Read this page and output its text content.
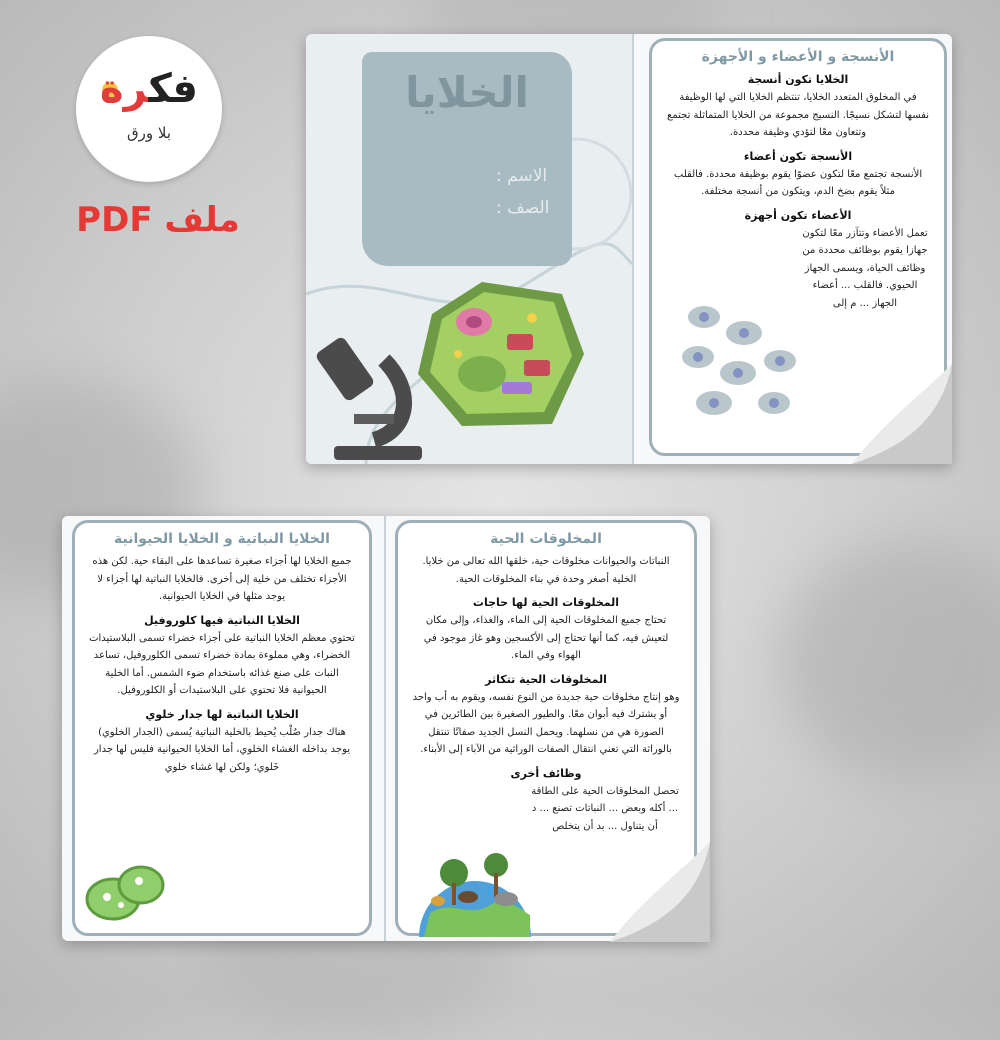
فكرة
بلا ورق
ملف PDF
الخلايا
الاسم :
الصف :
الأنسجة و الأعضاء و الأجهزة
الخلايا تكون أنسجة

في المخلوق المتعدد الخلايا، تنتظم الخلايا التي لها الوظيفة نفسها لتشكل نسيجًا. النسيج مجموعة من الخلايا المتماثلة تجتمع وتتعاون معًا لتؤدي وظيفة محددة.

الأنسجة تكون أعضاء

الأنسجة تجتمع معًا لتكون عضوًا يقوم بوظيفة محددة. فالقلب مثلاً يقوم بضخ الدم، ويتكون من أنسجة مختلفة.

الأعضاء تكون أجهزة

تعمل الأعضاء وتتآزر معًا لتكون جهازا يقوم بوظائف محددة من وظائف الحياة، ويسمى الجهاز الحيوي. فالقلب ... أعضاء الجهاز ... م إلى

الخلايا النباتية و الخلايا الحيوانية

جميع الخلايا لها أجزاء صغيرة تساعدها على البقاء حية. لكن هذه الأجزاء تختلف من خلية إلى أخرى. فالخلايا النباتية لها أجزاء لا يوجد مثلها في الخلايا الحيوانية.

الخلايا النباتية فيها كلوروفيل

تحتوي معظم الخلايا النباتية على أجزاء خضراء تسمى البلاستيدات الخضراء، وهي مملوءة بمادة خضراء تسمى الكلوروفيل، تساعد النبات على صنع غذائه باستخدام ضوء الشمس. أما الخلية الحيوانية فلا تحتوي على البلاستيدات أو الكلوروفيل.

الخلايا النباتية لها جدار خلوي

هناك جدار صُلْب يُحيط بالخلية النباتية يُسمى (الجدار الخلوي) يوجد بداخله الغشاء الخلوي، أما الخلايا الحيوانية فليس لها جدار خَلوي؛ ولكن لها غشاء خلوي

المخلوقات الحية

النباتات والحيوانات مخلوقات حية، خلقها الله تعالى من خلايا. الخلية أصغر وحدة في بناء المخلوقات الحية.

المخلوقات الحية لها حاجات

تحتاج جميع المخلوقات الحية إلى الماء، والغذاء، وإلى مكان لتعيش فيه، كما أنها تحتاج إلى الأكسجين وهو غاز موجود في الهواء وفي الماء.

المخلوقات الحية تتكاثر

وهو إنتاج مخلوقات حية جديدة من النوع نفسه، ويقوم به أب واحد أو يشترك فيه أبوان معًا. والطيور الصغيرة بين الطائرين في الصورة هي من نسلهما. ويحمل النسل الجديد صفاتًا تنتقل بالوراثة التي تعني انتقال الصفات الوراثية من الآباء إلى الأبناء.

وظائف أخرى

تحصل المخلوقات الحية على الطاقة ... أكله وبعض ... النباتات تصنع ... د أن يتناول ... بد أن يتخلص
